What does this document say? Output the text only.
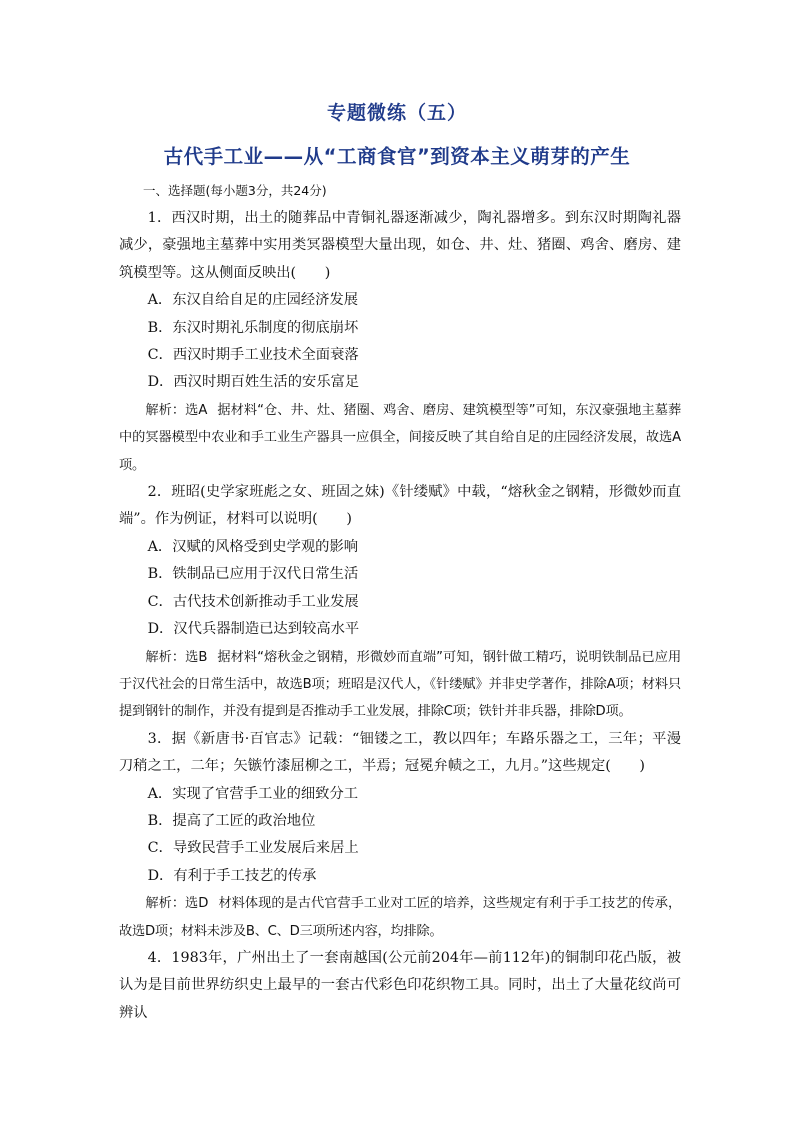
专题微练（五）
古代手工业——从“工商食官”到资本主义萌芽的产生
一、选择题(每小题3分，共24分)

1．西汉时期，出土的随葬品中青铜礼器逐渐减少，陶礼器增多。到东汉时期陶礼器减少，豪强地主墓葬中实用类冥器模型大量出现，如仓、井、灶、猪圈、鸡舍、磨房、建筑模型等。这从侧面反映出(　　)

A．东汉自给自足的庄园经济发展

B．东汉时期礼乐制度的彻底崩坏

C．西汉时期手工业技术全面衰落

D．西汉时期百姓生活的安乐富足

解析：选A 据材料“仓、井、灶、猪圈、鸡舍、磨房、建筑模型等”可知，东汉豪强地主墓葬中的冥器模型中农业和手工业生产器具一应俱全，间接反映了其自给自足的庄园经济发展，故选A项。

2．班昭(史学家班彪之女、班固之妹)《针缕赋》中载，“熔秋金之钢精，形微妙而直端”。作为例证，材料可以说明(　　)

A．汉赋的风格受到史学观的影响

B．铁制品已应用于汉代日常生活

C．古代技术创新推动手工业发展

D．汉代兵器制造已达到较高水平

解析：选B 据材料“熔秋金之钢精，形微妙而直端”可知，钢针做工精巧，说明铁制品已应用于汉代社会的日常生活中，故选B项；班昭是汉代人，《针缕赋》并非史学著作，排除A项；材料只提到钢针的制作，并没有提到是否推动手工业发展，排除C项；铁针并非兵器，排除D项。

3．据《新唐书·百官志》记载：“钿镂之工，教以四年；车路乐器之工，三年；平漫刀稍之工，二年；矢镞竹漆屈柳之工，半焉；冠冕弁帻之工，九月。”这些规定(　　)

A．实现了官营手工业的细致分工

B．提高了工匠的政治地位

C．导致民营手工业发展后来居上

D．有利于手工技艺的传承

解析：选D 材料体现的是古代官营手工业对工匠的培养，这些规定有利于手工技艺的传承，故选D项；材料未涉及B、C、D三项所述内容，均排除。

4．1983年，广州出土了一套南越国(公元前204年—前112年)的铜制印花凸版，被认为是目前世界纺织史上最早的一套古代彩色印花织物工具。同时，出土了大量花纹尚可辨认
